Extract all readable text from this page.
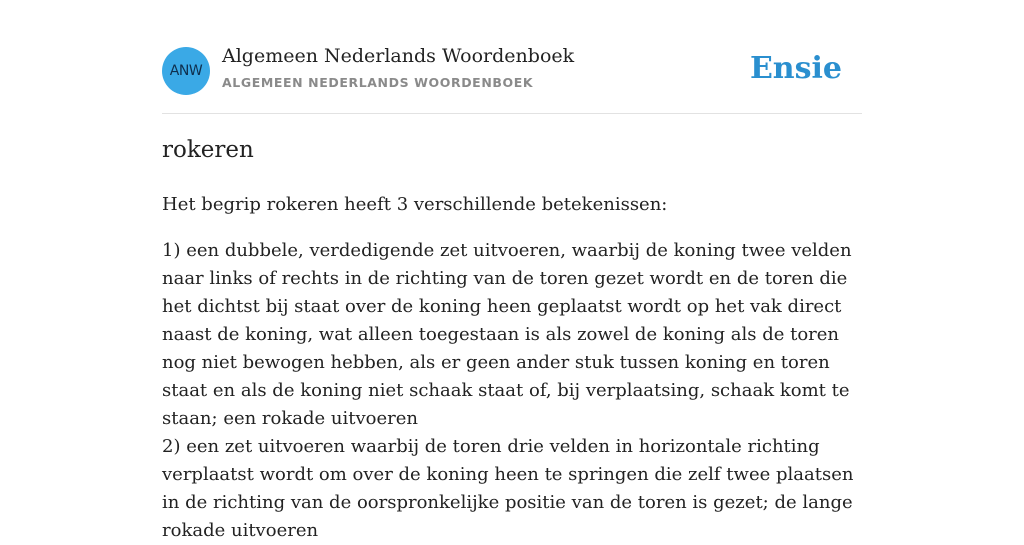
ANW
Algemeen Nederlands Woordenboek
ALGEMEEN NEDERLANDS WOORDENBOEK	Ensie
rokeren

Het begrip rokeren heeft 3 verschillende betekenissen:

1) een dubbele, verdedigende zet uitvoeren, waarbij de koning twee velden naar links of rechts in de richting van de toren gezet wordt en de toren die het dichtst bij staat over de koning heen geplaatst wordt op het vak direct naast de koning, wat alleen toegestaan is als zowel de koning als de toren nog niet bewogen hebben, als er geen ander stuk tussen koning en toren staat en als de koning niet schaak staat of, bij verplaatsing, schaak komt te staan; een rokade uitvoeren
2) een zet uitvoeren waarbij de toren drie velden in horizontale richting verplaatst wordt om over de koning heen te springen die zelf twee plaatsen in de richting van de oorspronkelijke positie van de toren is gezet; de lange rokade uitvoeren
